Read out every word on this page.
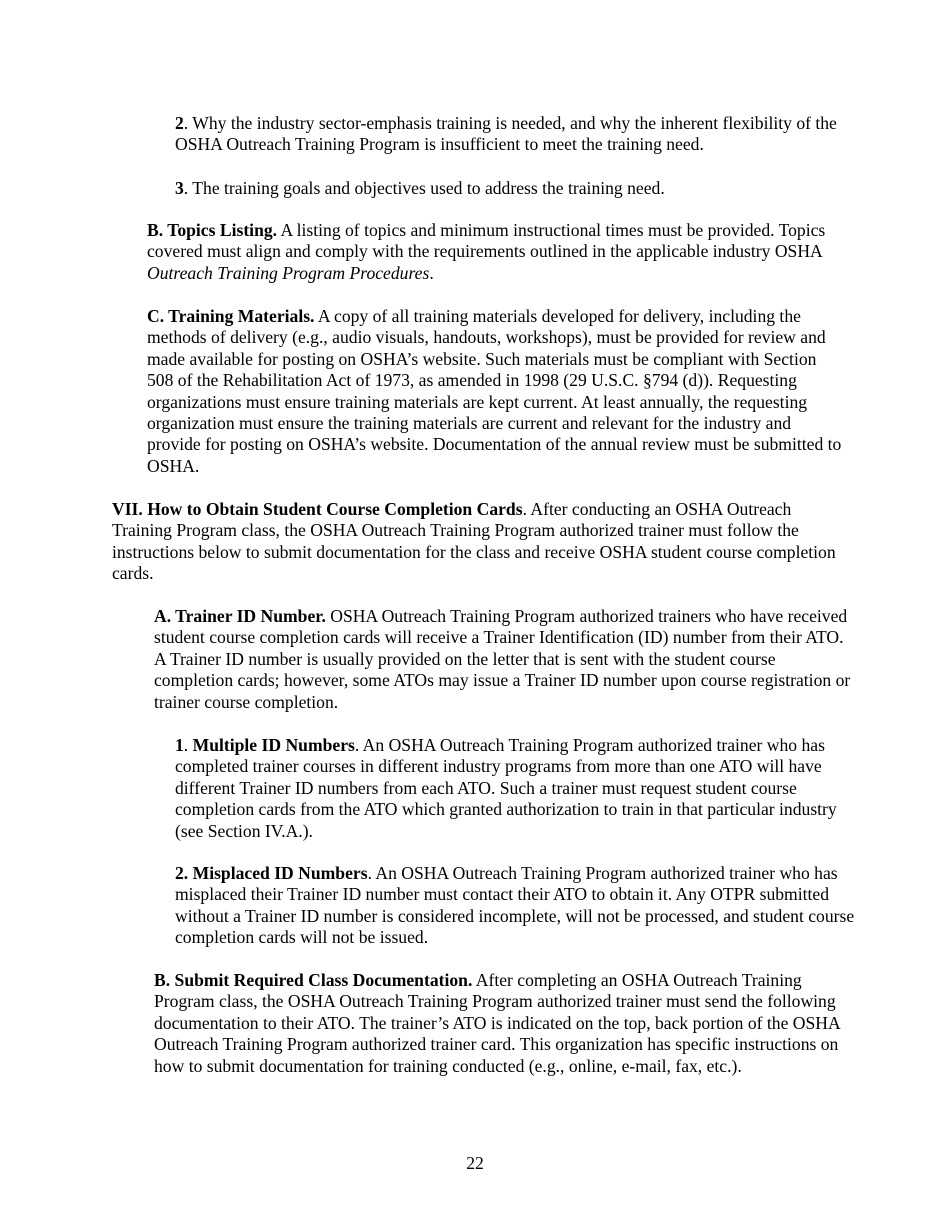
2. Why the industry sector-emphasis training is needed, and why the inherent flexibility of the OSHA Outreach Training Program is insufficient to meet the training need.

3. The training goals and objectives used to address the training need.

B. Topics Listing. A listing of topics and minimum instructional times must be provided. Topics covered must align and comply with the requirements outlined in the applicable industry OSHA Outreach Training Program Procedures.

C. Training Materials. A copy of all training materials developed for delivery, including the methods of delivery (e.g., audio visuals, handouts, workshops), must be provided for review and made available for posting on OSHA’s website. Such materials must be compliant with Section 508 of the Rehabilitation Act of 1973, as amended in 1998 (29 U.S.C. §794 (d)). Requesting organizations must ensure training materials are kept current. At least annually, the requesting organization must ensure the training materials are current and relevant for the industry and provide for posting on OSHA’s website. Documentation of the annual review must be submitted to OSHA.

VII. How to Obtain Student Course Completion Cards. After conducting an OSHA Outreach Training Program class, the OSHA Outreach Training Program authorized trainer must follow the instructions below to submit documentation for the class and receive OSHA student course completion cards.

A. Trainer ID Number. OSHA Outreach Training Program authorized trainers who have received student course completion cards will receive a Trainer Identification (ID) number from their ATO. A Trainer ID number is usually provided on the letter that is sent with the student course completion cards; however, some ATOs may issue a Trainer ID number upon course registration or trainer course completion.

1. Multiple ID Numbers. An OSHA Outreach Training Program authorized trainer who has completed trainer courses in different industry programs from more than one ATO will have different Trainer ID numbers from each ATO. Such a trainer must request student course completion cards from the ATO which granted authorization to train in that particular industry (see Section IV.A.).

2. Misplaced ID Numbers. An OSHA Outreach Training Program authorized trainer who has misplaced their Trainer ID number must contact their ATO to obtain it. Any OTPR submitted without a Trainer ID number is considered incomplete, will not be processed, and student course completion cards will not be issued.

B. Submit Required Class Documentation. After completing an OSHA Outreach Training Program class, the OSHA Outreach Training Program authorized trainer must send the following documentation to their ATO. The trainer’s ATO is indicated on the top, back portion of the OSHA Outreach Training Program authorized trainer card. This organization has specific instructions on how to submit documentation for training conducted (e.g., online, e-mail, fax, etc.).

22
